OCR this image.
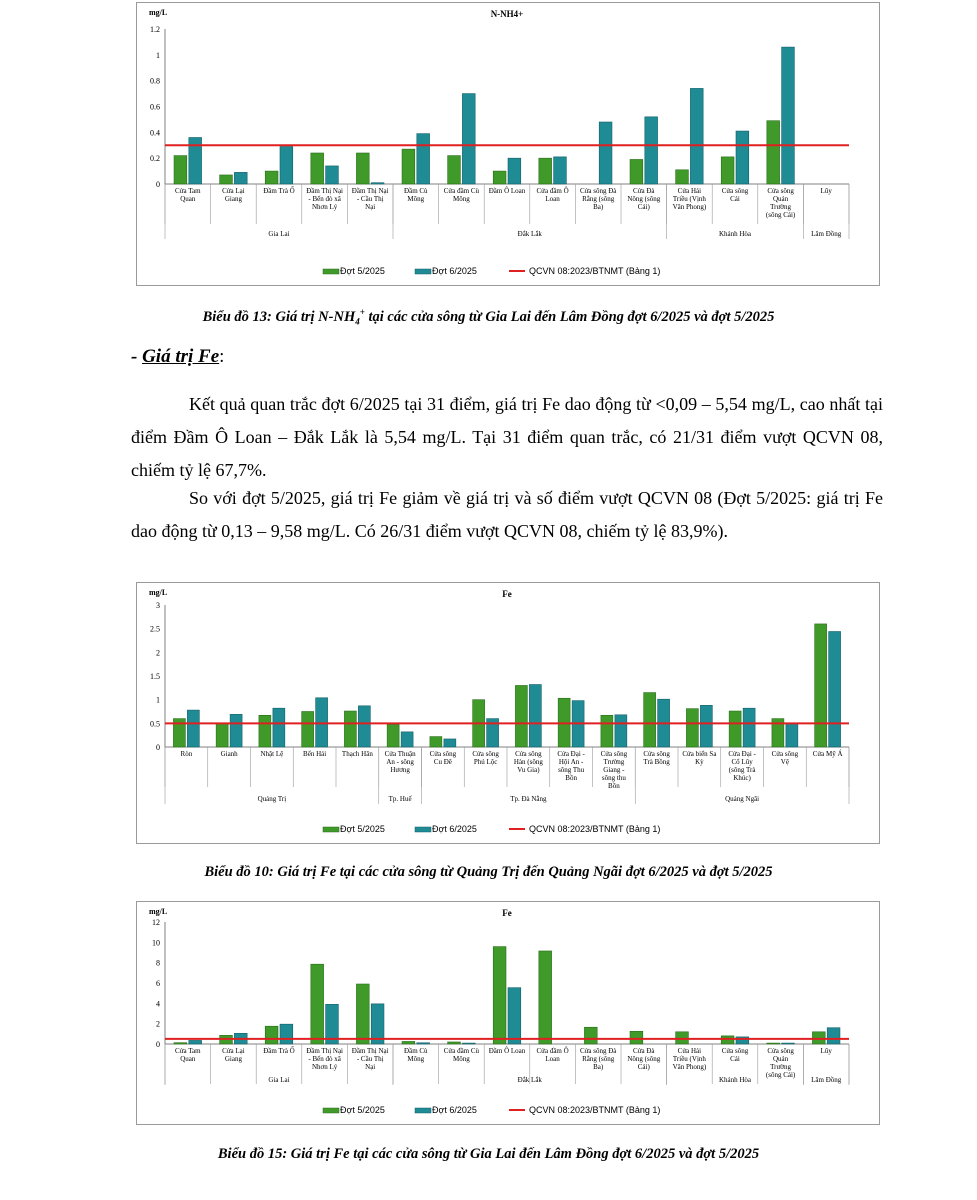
mg/L	N-NH4+
0
0.2
0.4
0.6
0.8
1
1.2
Cửa Tam
Quan
Cửa Lại
Giang
Đầm Trà Ổ Đầm Thị Nại
- Bến đò xã
Nhơn Lý
Đầm Thị Nại
- Cầu Thị
Nại
Đầm Cù
Mông
Cửa đầm Cù
Mông
Đầm Ô Loan Cửa đầm Ô
Loan
Cửa sông Đà
Rằng (sông
Ba)
Cửa Đà
Nông (sông
Cái)
Cửa Hải
Triều (Vịnh
Vân Phong)
Cửa sông
Cái
Cửa sông
Quán
Trường
(sông Cái)
Lũy
Gia Lai	Đắk Lắk	Khánh Hòa	Lâm Đồng
Đợt 5/2025	Đợt 6/2025	QCVN 08:2023/BTNMT (Bảng 1)
Biểu đồ 13: Giá trị $N-NH_4^+$ tại các cửa sông từ Gia Lai đến Lâm Đồng đợt 6/2025 và đợt 5/2025
- Giá trị Fe:
Kết quả quan trắc đợt 6/2025 tại 31 điểm, giá trị Fe dao động từ <0,09 – 5,54 mg/L, cao nhất tại điểm Đầm Ô Loan – Đắk Lắk là 5,54 mg/L. Tại 31 điểm quan trắc, có 21/31 điểm vượt QCVN 08, chiếm tỷ lệ 67,7%.
So với đợt 5/2025, giá trị Fe giảm về giá trị và số điểm vượt QCVN 08 (Đợt 5/2025: giá trị Fe dao động từ 0,13 – 9,58 mg/L. Có 26/31 điểm vượt QCVN 08, chiếm tỷ lệ 83,9%).
mg/L	Fe
0
0.5
1
1.5
2
2.5
3
Ròn	Gianh	Nhật Lệ	Bến Hải Thạch Hãn Cửa Thuận
An - sông
Hương
Cửa sông
Cu Đê
Cửa sông
Phú Lộc
Cửa sông
Hàn (sông
Vu Gia)
Cửa Đại -
Hội An -
sông Thu
Bồn
Cửa sông
Trường
Giang -
sông thu
Bồn
Cửa sông
Trà Bồng
Cửa biển Sa
Kỳ
Cửa Đại -
Cổ Lũy
(sông Trà
Khúc)
Cửa sông
Vệ
Cửa Mỹ Á
Quảng Trị	Tp. Huế	Tp. Đà Nẵng	Quảng Ngãi
Đợt 5/2025	Đợt 6/2025	QCVN 08:2023/BTNMT (Bảng 1)
Biểu đồ 10: Giá trị Fe tại các cửa sông từ Quảng Trị đến Quảng Ngãi đợt 6/2025 và đợt 5/2025
mg/L	Fe
0
2
4
6
8
10
12
Cửa Tam
Quan
Cửa Lại
Giang
Đầm Trà Ổ Đầm Thị Nại
- Bến đò xã
Nhơn Lý
Đầm Thị Nại
- Cầu Thị
Nại
Đầm Cù
Mông
Cửa đầm Cù
Mông
Đầm Ô Loan Cửa đầm Ô
Loan
Cửa sông Đà
Rằng (sông
Ba)
Cửa Đà
Nông (sông
Cái)
Cửa Hải
Triều (Vịnh
Vân Phong)
Cửa sông
Cái
Cửa sông
Quán
Trường
(sông Cái)
Lũy
Gia Lai	Đắk Lắk	Khánh Hòa	Lâm Đồng
Đợt 5/2025	Đợt 6/2025	QCVN 08:2023/BTNMT (Bảng 1)
Biểu đồ 15: Giá trị Fe tại các cửa sông từ Gia Lai đến Lâm Đồng đợt 6/2025 và đợt 5/2025
